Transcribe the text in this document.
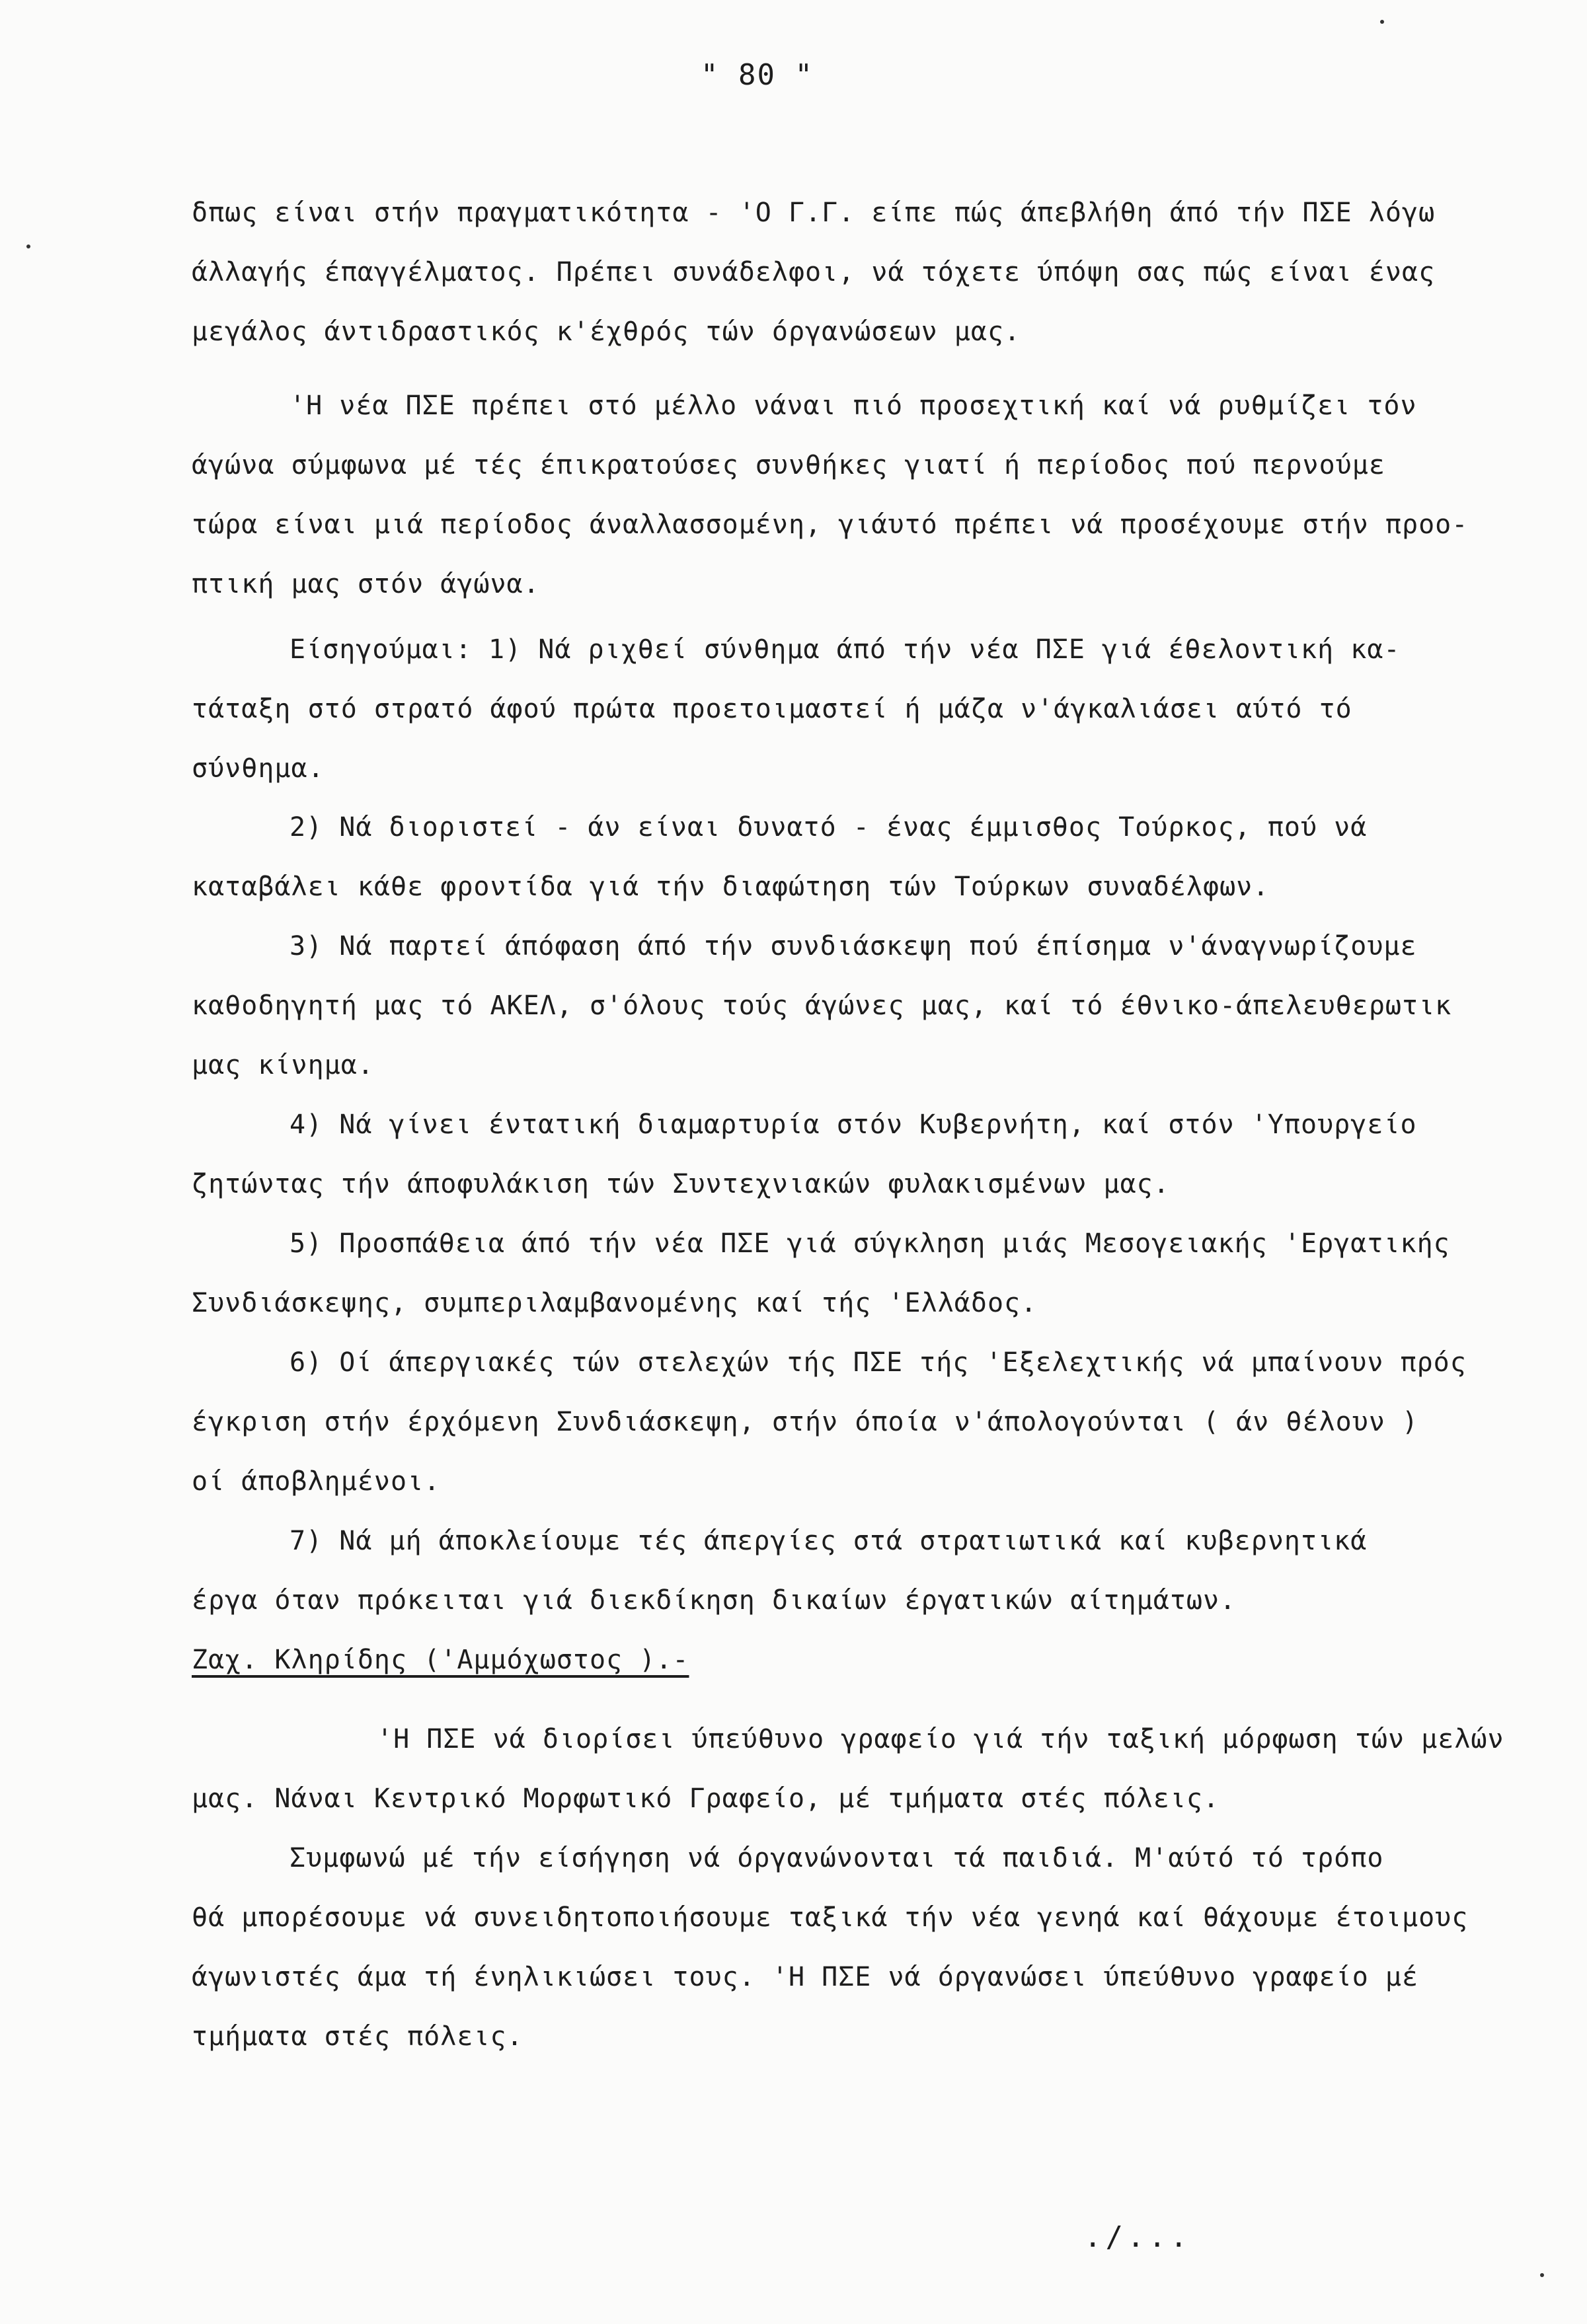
" 80 "
δπως είναι στήν πραγματικότητα - 'Ο Γ.Γ. είπε πώς άπεβλήθη άπό τήν ΠΣΕ λόγω
άλλαγής έπαγγέλματος. Πρέπει συνάδελφοι, νά τόχετε ύπόψη σας πώς είναι ένας
μεγάλος άντιδραστικός κ'έχθρός τών όργανώσεων μας.
'Η νέα ΠΣΕ πρέπει στό μέλλο νάναι πιό προσεχτική καί νά ρυθμίζει τόν
άγώνα σύμφωνα μέ τές έπικρατούσες συνθήκες γιατί ή περίοδος πού περνούμε
τώρα είναι μιά περίοδος άναλλασσομένη, γιάυτό πρέπει νά προσέχουμε στήν προο-
πτική μας στόν άγώνα.
Είσηγούμαι: 1) Νά ριχθεί σύνθημα άπό τήν νέα ΠΣΕ γιά έθελοντική κα-
τάταξη στό στρατό άφού πρώτα προετοιμαστεί ή μάζα ν'άγκαλιάσει αύτό τό
σύνθημα.
2) Νά διοριστεί - άν είναι δυνατό - ένας έμμισθος Τούρκος, πού νά
καταβάλει κάθε φροντίδα γιά τήν διαφώτηση τών Τούρκων συναδέλφων.
3) Νά παρτεί άπόφαση άπό τήν συνδιάσκεψη πού έπίσημα ν'άναγνωρίζουμε
καθοδηγητή μας τό ΑΚΕΛ, σ'όλους τούς άγώνες μας, καί τό έθνικο-άπελευθερωτικ
μας κίνημα.
4) Νά γίνει έντατική διαμαρτυρία στόν Κυβερνήτη, καί στόν 'Υπουργείο
ζητώντας τήν άποφυλάκιση τών Συντεχνιακών φυλακισμένων μας.
5) Προσπάθεια άπό τήν νέα ΠΣΕ γιά σύγκληση μιάς Μεσογειακής 'Εργατικής
Συνδιάσκεψης, συμπεριλαμβανομένης καί τής 'Ελλάδος.
6) Οί άπεργιακές τών στελεχών τής ΠΣΕ τής 'Εξελεχτικής νά μπαίνουν πρός
έγκριση στήν έρχόμενη Συνδιάσκεψη, στήν όποία ν'άπολογούνται ( άν θέλουν )
οί άποβλημένοι.
7) Νά μή άποκλείουμε τές άπεργίες στά στρατιωτικά καί κυβερνητικά
έργα όταν πρόκειται γιά διεκδίκηση δικαίων έργατικών αίτημάτων.
Ζαχ. Κληρίδης ('Αμμόχωστος ).-
'Η ΠΣΕ νά διορίσει ύπεύθυνο γραφείο γιά τήν ταξική μόρφωση τών μελών
μας. Νάναι Κεντρικό Μορφωτικό Γραφείο, μέ τμήματα στές πόλεις.
Συμφωνώ μέ τήν είσήγηση νά όργανώνονται τά παιδιά. Μ'αύτό τό τρόπο
θά μπορέσουμε νά συνειδητοποιήσουμε ταξικά τήν νέα γενηά καί θάχουμε έτοιμους
άγωνιστές άμα τή ένηλικιώσει τους. 'Η ΠΣΕ νά όργανώσει ύπεύθυνο γραφείο μέ
τμήματα στές πόλεις.
./...
